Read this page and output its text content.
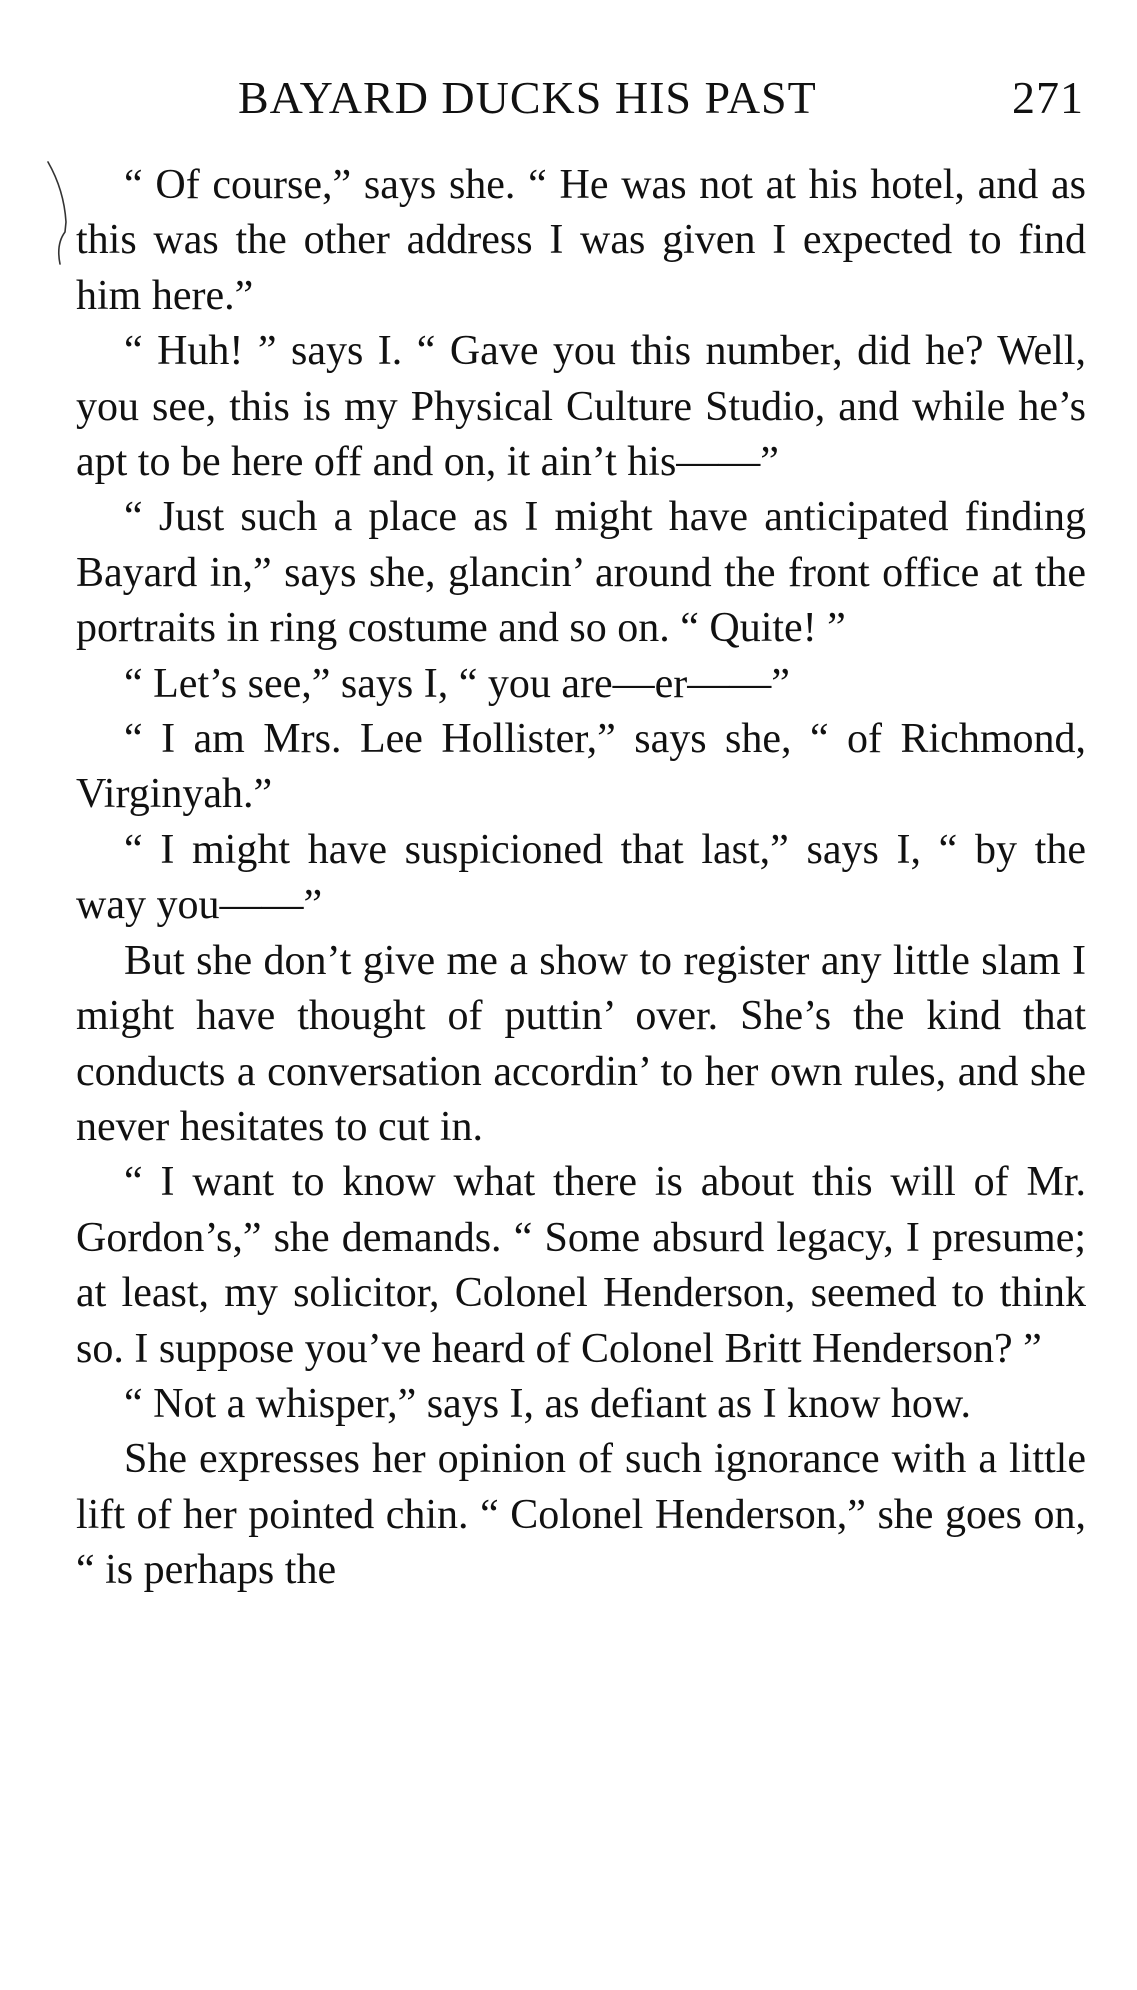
BAYARD DUCKS HIS PAST	271

“ Of course,” says she. “ He was not at his hotel, and as this was the other address I was given I expected to find him here.”

“ Huh! ” says I. “ Gave you this number, did he? Well, you see, this is my Physical Culture Studio, and while he’s apt to be here off and on, it ain’t his——”

“ Just such a place as I might have anticipated finding Bayard in,” says she, glancin’ around the front office at the portraits in ring costume and so on. “ Quite! ”

“ Let’s see,” says I, “ you are—er——”

“ I am Mrs. Lee Hollister,” says she, “ of Richmond, Virginyah.”

“ I might have suspicioned that last,” says I, “ by the way you——”

But she don’t give me a show to register any little slam I might have thought of puttin’ over. She’s the kind that conducts a conversation accordin’ to her own rules, and she never hesitates to cut in.

“ I want to know what there is about this will of Mr. Gordon’s,” she demands. “ Some absurd legacy, I presume; at least, my solicitor, Colonel Henderson, seemed to think so. I suppose you’ve heard of Colonel Britt Henderson? ”

“ Not a whisper,” says I, as defiant as I know how.

She expresses her opinion of such ignorance with a little lift of her pointed chin. “ Colonel Henderson,” she goes on, “ is perhaps the
